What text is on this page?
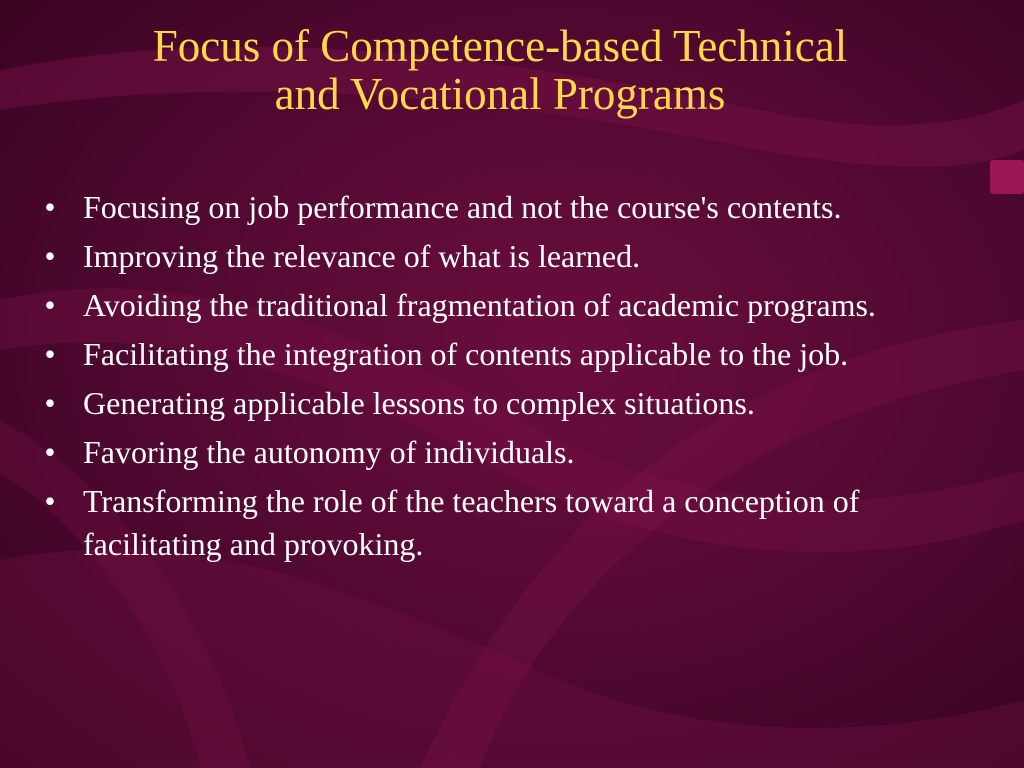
Focus of Competence-based Technical
and Vocational Programs
• Focusing on job performance and not the course's contents.
• Improving the relevance of what is learned.
• Avoiding the traditional fragmentation of academic programs.
• Facilitating the integration of contents applicable to the job.
• Generating applicable lessons to complex situations.
• Favoring the autonomy of individuals.
• Transforming the role of the teachers toward a conception of facilitating and provoking.
